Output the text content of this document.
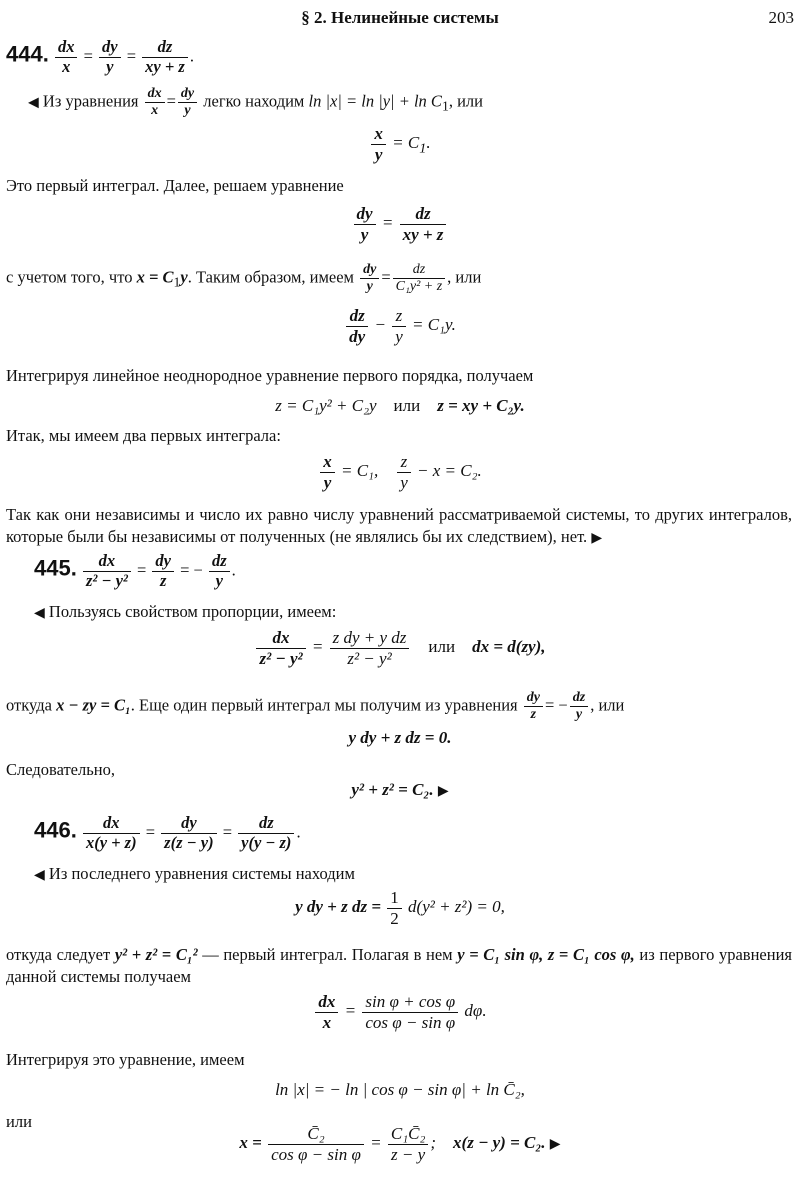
§ 2. Нелинейные системы	203
444. $\frac{dx}{x} = \frac{dy}{y} = \frac{dz}{xy + z}$ .
◀ Из уравнения $\frac{dx}{x} = \frac{dy}{y}$ легко находим $\ln |x| = \ln |y| + \ln C_1$, или
$\frac{x}{y} = C_1$.
Это первый интеграл. Далее, решаем уравнение
$\frac{dy}{y} = \frac{dz}{xy + z}$
с учетом того, что $x = C_1y$. Таким образом, имеем $\frac{dy}{y} = \frac{dz}{\text{C₁y² + z}}$ , или
$\frac{dz}{dy} - \frac{z}{y} = C_1y$.
Интегрируя линейное неоднородное уравнение первого порядка, получаем
z = C₁y² + C₂y или z = xy + C₂y.
Итак, мы имеем два первых интеграла:
$\frac{x}{y} = C_1$, $\frac{z}{y} - x = C_2$.
Так как они независимы и число их равно числу уравнений рассматриваемой системы, то других интегралов, которые были бы независимы от полученных (не являлись бы их следствием), нет. ▶
445. $\frac{dx}{\text{z² − y²}} = \frac{dy}{z}$ = − $\frac{dz}{y}$ .
◀ Пользуясь свойством пропорции, имеем:
$\frac{dx}{\text{z² − y²}} = \frac{\text{z dy + y dz}}{\text{z² − y²}}$ или dx = d(zy),
откуда x − zy = C₁. Еще один первый интеграл мы получим из уравнения $\frac{dy}{z}$ = − $\frac{dz}{y}$ , или
y dy + z dz = 0.
Следовательно,
y² + z² = C₂. ▶
446. $\frac{dx}{x(y + z)} = \frac{dy}{z(z - y)} = \frac{dz}{y(y - z)}$ .
◀ Из последнего уравнения системы находим
y dy + z dz = $\frac{1}{2} d(y^2 + z^2) = 0$,
откуда следует y² + z² = C₁² — первый интеграл. Полагая в нем y = C₁ sin φ, z = C₁ cos φ, из первого уравнения данной системы получаем
$\frac{dx}{x} = \frac{\text{sin φ + cos φ}}{\text{cos φ − sin φ}} d\varphi$.
Интегрируя это уравнение, имеем
ln |x| = − ln | cos φ − sin φ| + ln C̄₂,
или
$x = \frac{\text{C̄₂}}{\text{cos φ − sin φ}} = \frac{\text{C₁C̄₂}}{z - y}$ ; x(z − y) = C₂. ▶
